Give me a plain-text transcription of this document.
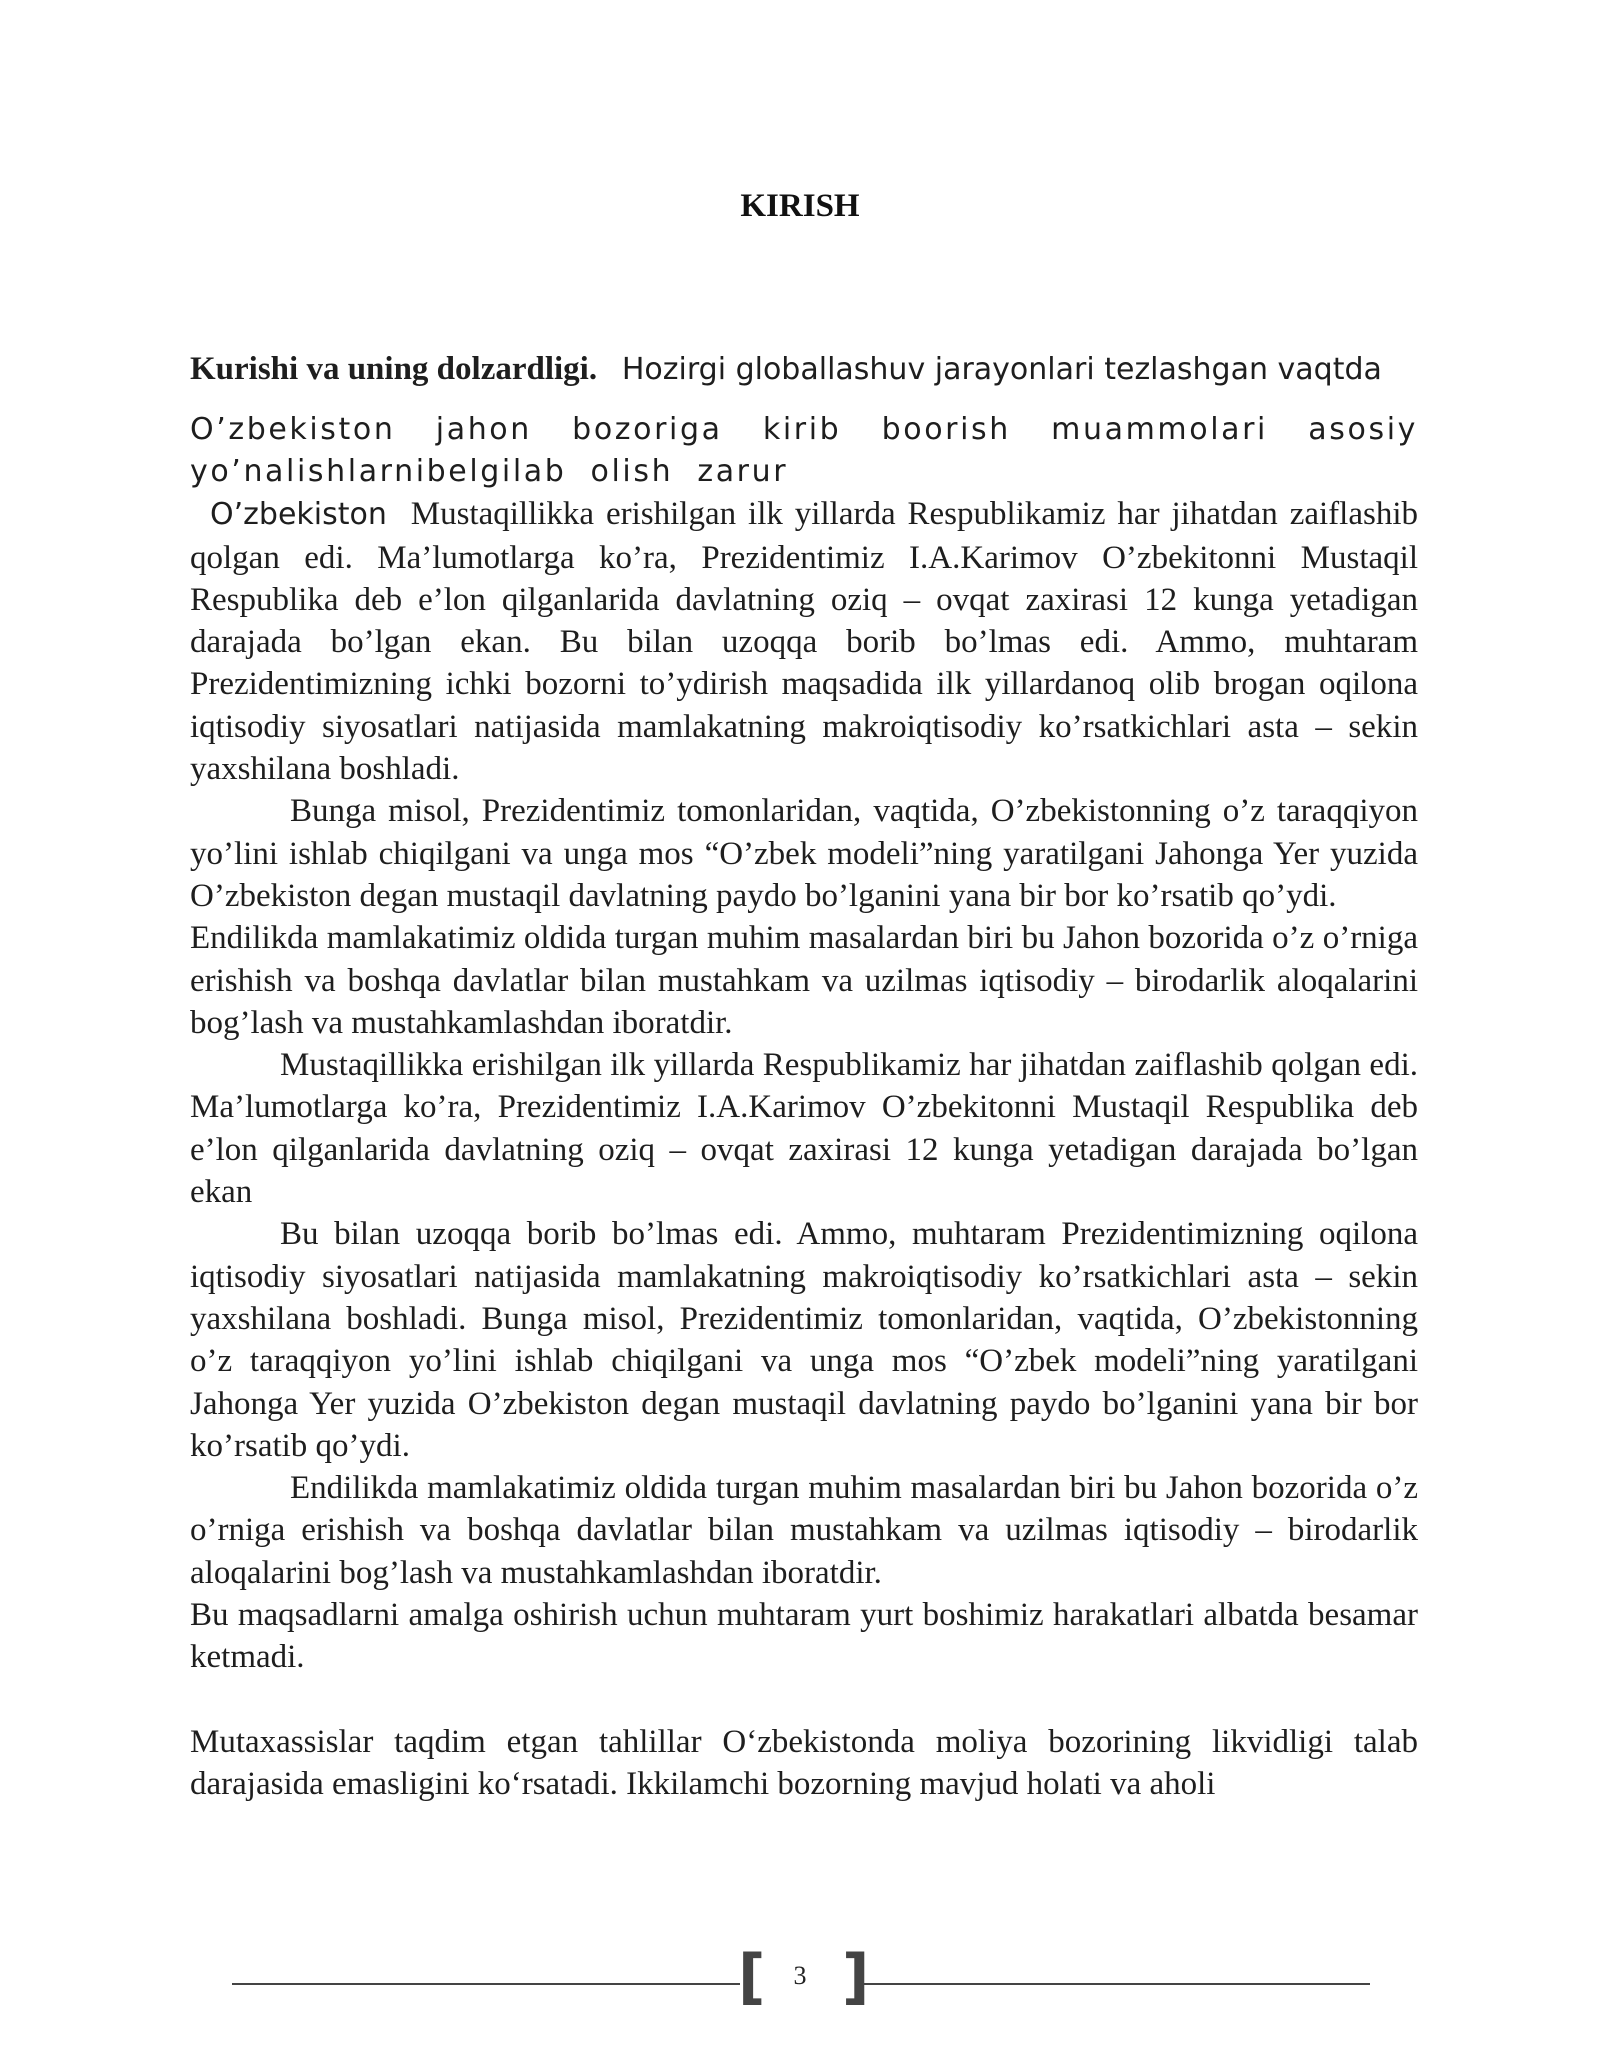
KIRISH

Kurishi va uning dolzardligi. Hozirgi globallashuv jarayonlari tezlashgan vaqtda

O’zbekiston jahon bozoriga kirib boorish muammolari asosiy yo’nalishlarnibelgilab olish zarur

O’zbekiston Mustaqillikka erishilgan ilk yillarda Respublikamiz har jihatdan zaiflashib qolgan edi. Ma’lumotlarga ko’ra, Prezidentimiz I.A.Karimov O’zbekitonni Mustaqil Respublika deb e’lon qilganlarida davlatning oziq – ovqat zaxirasi 12 kunga yetadigan darajada bo’lgan ekan. Bu bilan uzoqqa borib bo’lmas edi. Ammo, muhtaram Prezidentimizning ichki bozorni to’ydirish maqsadida ilk yillardanoq olib brogan oqilona iqtisodiy siyosatlari natijasida mamlakatning makroiqtisodiy ko’rsatkichlari asta – sekin yaxshilana boshladi.

Bunga misol, Prezidentimiz tomonlaridan, vaqtida, O’zbekistonning o’z taraqqiyon yo’lini ishlab chiqilgani va unga mos “O’zbek modeli”ning yaratilgani Jahonga Yer yuzida O’zbekiston degan mustaqil davlatning paydo bo’lganini yana bir bor ko’rsatib qo’ydi.

Endilikda mamlakatimiz oldida turgan muhim masalardan biri bu Jahon bozorida o’z o’rniga erishish va boshqa davlatlar bilan mustahkam va uzilmas iqtisodiy – birodarlik aloqalarini bog’lash va mustahkamlashdan iboratdir.

Mustaqillikka erishilgan ilk yillarda Respublikamiz har jihatdan zaiflashib qolgan edi. Ma’lumotlarga ko’ra, Prezidentimiz I.A.Karimov O’zbekitonni Mustaqil Respublika deb e’lon qilganlarida davlatning oziq – ovqat zaxirasi 12 kunga yetadigan darajada bo’lgan ekan

Bu bilan uzoqqa borib bo’lmas edi. Ammo, muhtaram Prezidentimizning oqilona iqtisodiy siyosatlari natijasida mamlakatning makroiqtisodiy ko’rsatkichlari asta – sekin yaxshilana boshladi. Bunga misol, Prezidentimiz tomonlaridan, vaqtida, O’zbekistonning o’z taraqqiyon yo’lini ishlab chiqilgani va unga mos “O’zbek modeli”ning yaratilgani Jahonga Yer yuzida O’zbekiston degan mustaqil davlatning paydo bo’lganini yana bir bor ko’rsatib qo’ydi.

Endilikda mamlakatimiz oldida turgan muhim masalardan biri bu Jahon bozorida o’z o’rniga erishish va boshqa davlatlar bilan mustahkam va uzilmas iqtisodiy – birodarlik aloqalarini bog’lash va mustahkamlashdan iboratdir.

Bu maqsadlarni amalga oshirish uchun muhtaram yurt boshimiz harakatlari albatda besamar ketmadi.

Mutaxassislar taqdim etgan tahlillar O‘zbekistonda moliya bozorining likvidligi talab darajasida emasligini ko‘rsatadi. Ikkilamchi bozorning mavjud holati va aholi

[	3 ]
